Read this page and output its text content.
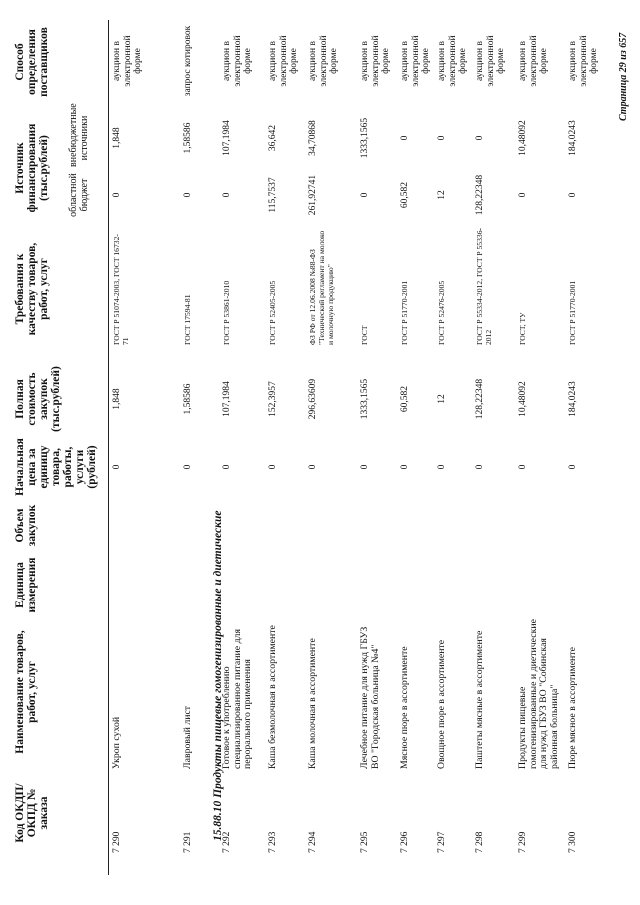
Код ОКДП/ ОКПД № заказа
Наименование товаров, работ, услуг
Единица измерения
Объем закупок
Начальная цена за единицу товара, работы, услуги (рублей)
Полная стоимость закупок (тыс.рублей)
Требования к качеству товаров, работ, услуг
Источник финансирования (тыс.рублей) областной бюджет
внебюджетные источники
Способ определения поставщиков
15.88.10 Продукты пищевые гомогенизированные и диетические
7 290
Укроп сухой
0
1,848
ГОСТ Р 51074-2003, ГОСТ 16732-71
0
1,848
аукцион в электронной форме
7 291
Лавровый лист
0
1,58586
ГОСТ 17594-81
0
1,58586
запрос котировок
7 292
Готовое к употреблению специализированное питание для перорального применения
0
107,1984
ГОСТ Р 53861-2010
0
107,1984
аукцион в электронной форме
7 293
Каша безмолочная в ассортименте
0
152,3957
ГОСТ Р 52405-2005
115,7537
36,642
аукцион в электронной форме
7 294
Каша молочная в ассортименте
0
296,63609
ФЗ РФ от 12.06.2008 №88-ФЗ "Технический регламент на молоко и молочную продукцию"
261,92741
34,70868
аукцион в электронной форме
7 295
Лечебное питание для нужд ГБУЗ ВО "Городская больница №4"
0
1333,1565
ГОСТ
0
1333,1565
аукцион в электронной форме
7 296
Мясное пюре в ассортименте
0
60,582
ГОСТ Р 51770-2001
60,582
0
аукцион в электронной форме
7 297
Овощное пюре в ассортименте
0
12
ГОСТ Р 52476-2005
12
0
аукцион в электронной форме
7 298
Паштеты мясные в ассортименте
0
128,22348
ГОСТ Р 55334-2012, ГОСТ Р 55336-2012
128,22348
0
аукцион в электронной форме
7 299
Продукты пищевые гомогенизированные и диетические для нужд ГБУЗ ВО "Собинская районная больница"
0
10,48092
ГОСТ, ТУ
0
10,48092
аукцион в электронной форме
7 300
Пюре мясное в ассортименте
0
184,0243
ГОСТ Р 51770-2001
0
184,0243
аукцион в электронной форме Страница 29 из 657
